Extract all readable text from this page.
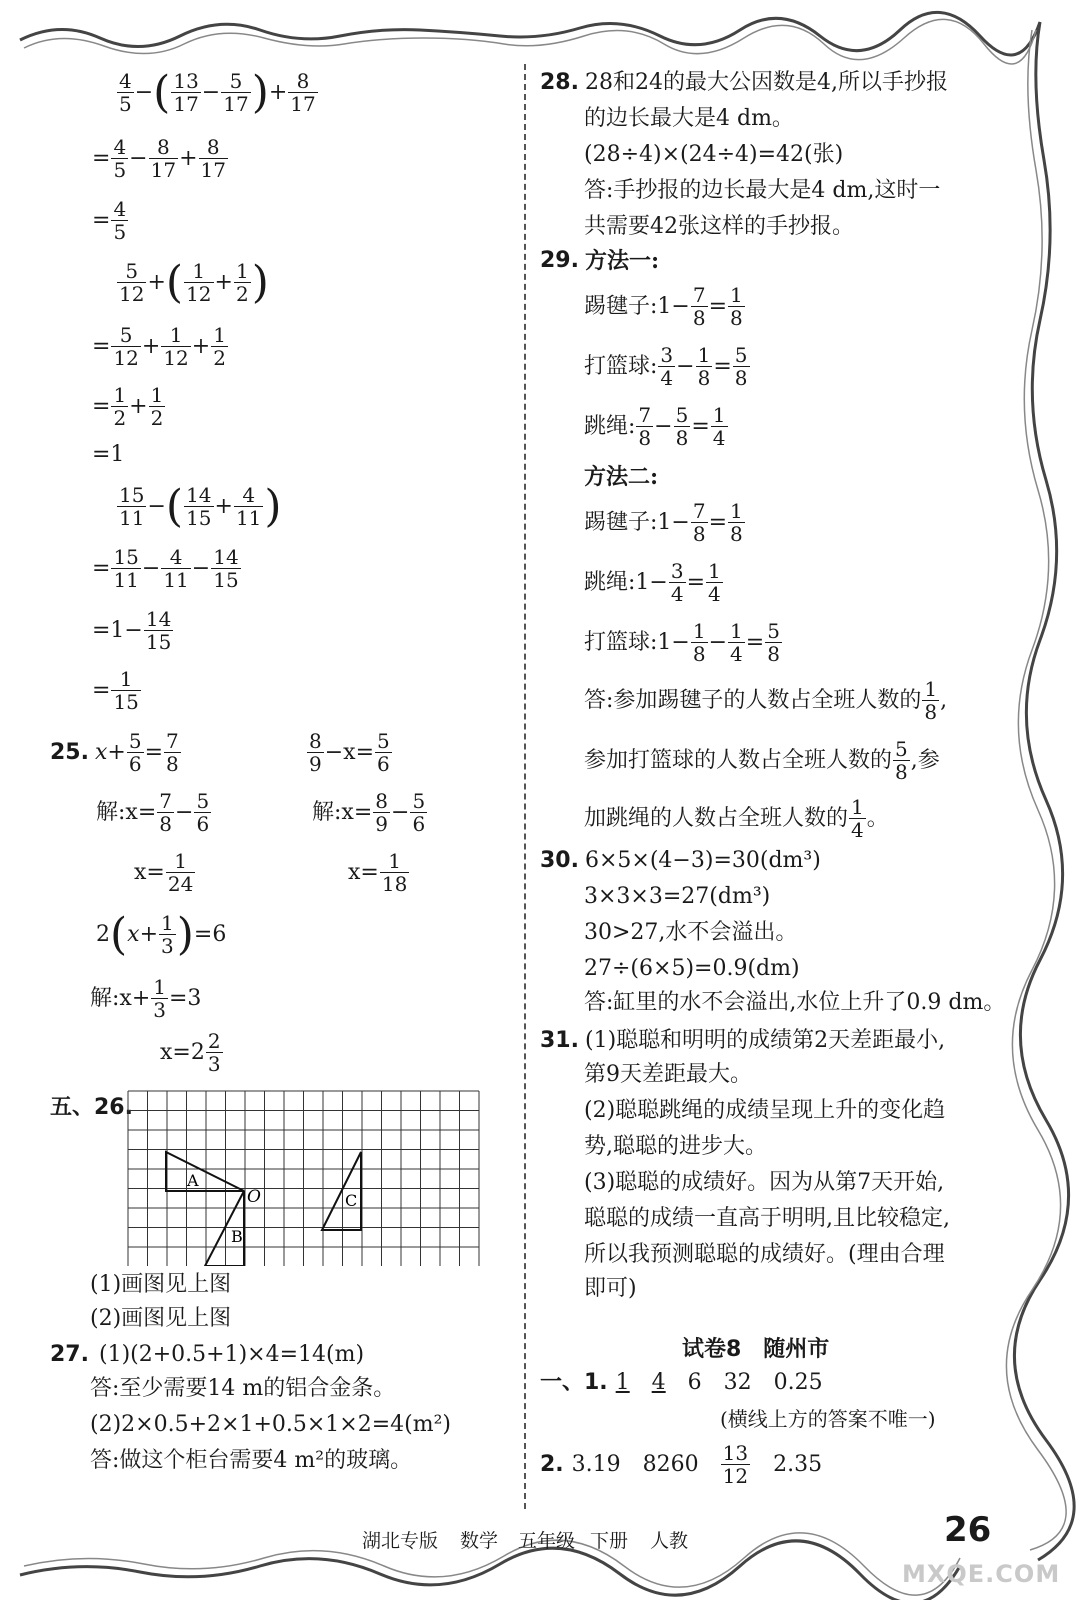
$\frac{4}{5}$ − ( $\frac{13}{17} - \frac{5}{17}$ ) + $\frac{8}{17}$
= $\frac{4}{5} - \frac{8}{17} + \frac{8}{17}$
= $\frac{4}{5}$
$\frac{5}{12}$ + ( $\frac{1}{12} + \frac{1}{2}$ )
= $\frac{5}{12} + \frac{1}{12} + \frac{1}{2}$
= $\frac{1}{2} + \frac{1}{2}$
=1
$\frac{15}{11}$ − ( $\frac{14}{15} + \frac{4}{11}$ )
= $\frac{15}{11} - \frac{4}{11} - \frac{14}{15}$
$=1- \frac{14}{15}$
= $\frac{1}{15}$
25. $x+ \frac{5}{6} = \frac{7}{8}$
解:x= $\frac{7}{8} - \frac{5}{6}$
$x= \frac{1}{24}$
$\frac{8}{9} -x= \frac{5}{6}$
解:x= $\frac{8}{9} - \frac{5}{6}$
$x= \frac{1}{18}$
2 ( $x+ \frac{1}{3}$ ) =6
解:x+ $\frac{1}{3} =3$
$x=2 \frac{2}{3}$
五、26.
A
B
C
O
(1)画图见上图
(2)画图见上图
27. (1)(2+0.5+1)×4=14(m)
答:至少需要14 m的铝合金条。
(2)2×0.5+2×1+0.5×1×2=4(m²)
答:做这个柜台需要4 m²的玻璃。
28. 28和24的最大公因数是4,所以手抄报
的边长最大是4 dm。
(28÷4)×(24÷4)=42(张)
答:手抄报的边长最大是4 dm,这时一
共需要42张这样的手抄报。
29. 方法一:
踢毽子:1− $\frac{7}{8} = \frac{1}{8}$
打篮球: $\frac{3}{4} - \frac{1}{8} = \frac{5}{8}$
跳绳: $\frac{7}{8} - \frac{5}{8} = \frac{1}{4}$
方法二:
踢毽子:1− $\frac{7}{8} = \frac{1}{8}$
跳绳:1− $\frac{3}{4} = \frac{1}{4}$
打篮球:1− $\frac{1}{8} - \frac{1}{4} = \frac{5}{8}$
答:参加踢毽子的人数占全班人数的 $\frac{1}{8}$ ,
参加打篮球的人数占全班人数的 $\frac{5}{8}$ ,参
加跳绳的人数占全班人数的 $\frac{1}{4}$ 。
30. 6×5×(4−3)=30(dm³)
3×3×3=27(dm³)
30>27,水不会溢出。
27÷(6×5)=0.9(dm)
答:缸里的水不会溢出,水位上升了0.9 dm。
31. (1)聪聪和明明的成绩第2天差距最小,
第9天差距最大。
(2)聪聪跳绳的成绩呈现上升的变化趋
势,聪聪的进步大。
(3)聪聪的成绩好。因为从第7天开始,
聪聪的成绩一直高于明明,且比较稳定,
所以我预测聪聪的成绩好。(理由合理
即可)
试卷8　随州市
一、1. 1 4 6 32 0.25
(横线上方的答案不唯一)
2. 3.19 $8260 \frac{13}{12} 2.35$
湖北专版 数学 五年级 下册 人教	26
MXQE.COM
